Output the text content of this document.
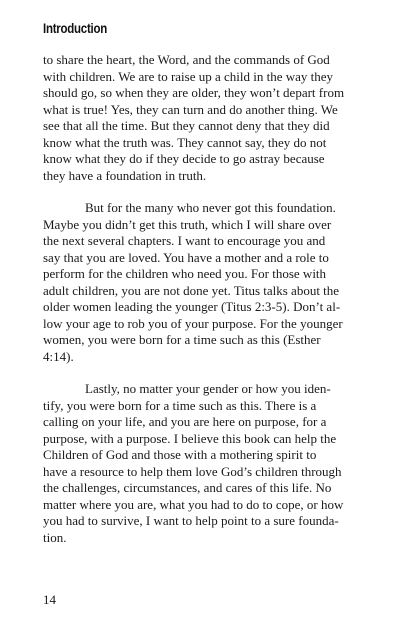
Introduction
to share the heart, the Word, and the commands of God
with children. We are to raise up a child in the way they
should go, so when they are older, they won’t depart from
what is true! Yes, they can turn and do another thing. We
see that all the time. But they cannot deny that they did
know what the truth was. They cannot say, they do not
know what they do if they decide to go astray because
they have a foundation in truth.
But for the many who never got this foundation.
Maybe you didn’t get this truth, which I will share over
the next several chapters. I want to encourage you and
say that you are loved. You have a mother and a role to
perform for the children who need you. For those with
adult children, you are not done yet. Titus talks about the
older women leading the younger (Titus 2:3-5). Don’t al-
low your age to rob you of your purpose. For the younger
women, you were born for a time such as this (Esther
4:14).
Lastly, no matter your gender or how you iden-
tify, you were born for a time such as this. There is a
calling on your life, and you are here on purpose, for a
purpose, with a purpose. I believe this book can help the
Children of God and those with a mothering spirit to
have a resource to help them love God’s children through
the challenges, circumstances, and cares of this life. No
matter where you are, what you had to do to cope, or how
you had to survive, I want to help point to a sure founda-
tion.
14
